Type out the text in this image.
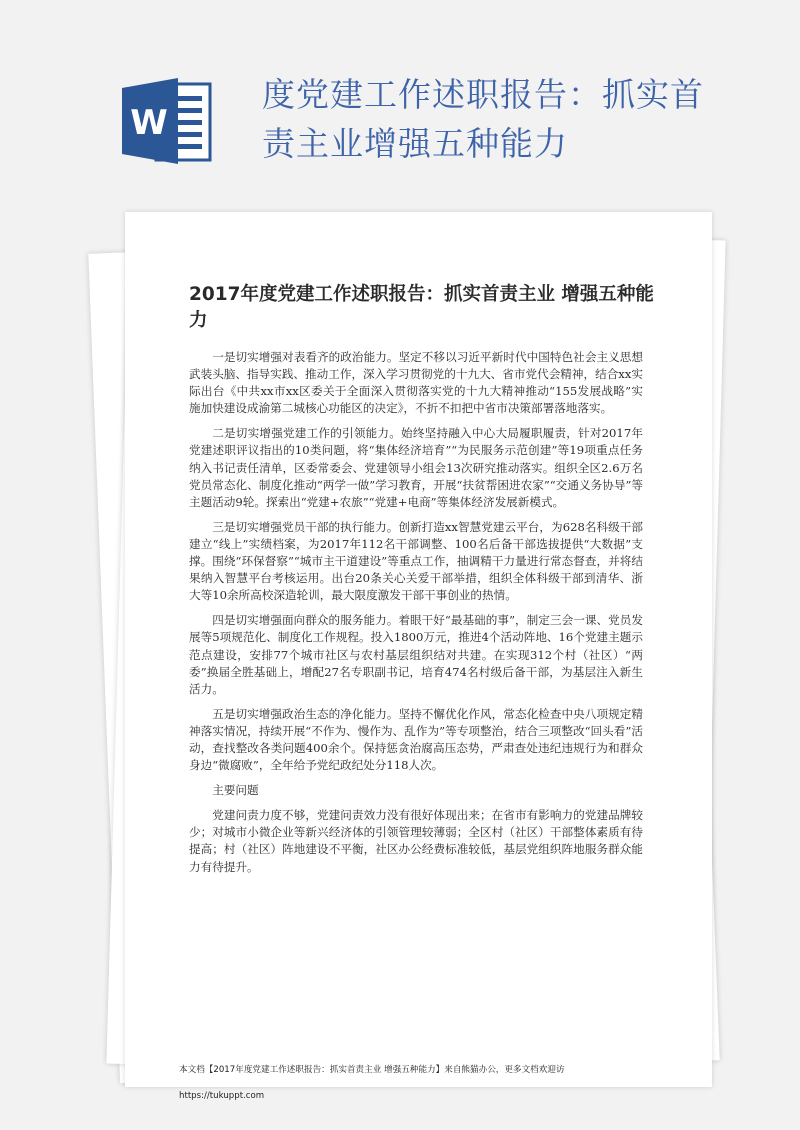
W
度党建工作述职报告：抓实首责主业增强五种能力
2017年度党建工作述职报告：抓实首责主业 增强五种能力

一是切实增强对表看齐的政治能力。坚定不移以习近平新时代中国特色社会主义思想武装头脑、指导实践、推动工作，深入学习贯彻党的十九大、省市党代会精神，结合xx实际出台《中共xx市xx区委关于全面深入贯彻落实党的十九大精神推动“155发展战略”实施加快建设成渝第二城核心功能区的决定》，不折不扣把中省市决策部署落地落实。

二是切实增强党建工作的引领能力。始终坚持融入中心大局履职履责，针对2017年党建述职评议指出的10类问题，将“集体经济培育”“为民服务示范创建”等19项重点任务纳入书记责任清单，区委常委会、党建领导小组会13次研究推动落实。组织全区2.6万名党员常态化、制度化推动“两学一做”学习教育，开展“扶贫帮困进农家”“交通义务协导”等主题活动9轮。探索出“党建+农旅”“党建+电商”等集体经济发展新模式。

三是切实增强党员干部的执行能力。创新打造xx智慧党建云平台，为628名科级干部建立“线上”实绩档案，为2017年112名干部调整、100名后备干部选拔提供“大数据”支撑。围绕“环保督察”“城市主干道建设”等重点工作，抽调精干力量进行常态督查，并将结果纳入智慧平台考核运用。出台20条关心关爱干部举措，组织全体科级干部到清华、浙大等10余所高校深造轮训，最大限度激发干部干事创业的热情。

四是切实增强面向群众的服务能力。着眼干好“最基础的事”，制定三会一课、党员发展等5项规范化、制度化工作规程。投入1800万元，推进4个活动阵地、16个党建主题示范点建设，安排77个城市社区与农村基层组织结对共建。在实现312个村（社区）“两委”换届全胜基础上，增配27名专职副书记，培育474名村级后备干部，为基层注入新生活力。

五是切实增强政治生态的净化能力。坚持不懈优化作风，常态化检查中央八项规定精神落实情况，持续开展“不作为、慢作为、乱作为”等专项整治，结合三项整改“回头看”活动，查找整改各类问题400余个。保持惩贪治腐高压态势，严肃查处违纪违规行为和群众身边“微腐败”，全年给予党纪政纪处分118人次。

主要问题

党建问责力度不够，党建问责效力没有很好体现出来；在省市有影响力的党建品牌较少；对城市小微企业等新兴经济体的引领管理较薄弱；全区村（社区）干部整体素质有待提高；村（社区）阵地建设不平衡，社区办公经费标准较低，基层党组织阵地服务群众能力有待提升。

本文档【2017年度党建工作述职报告：抓实首责主业 增强五种能力】来自熊猫办公，更多文档欢迎访
https://tukuppt.com
